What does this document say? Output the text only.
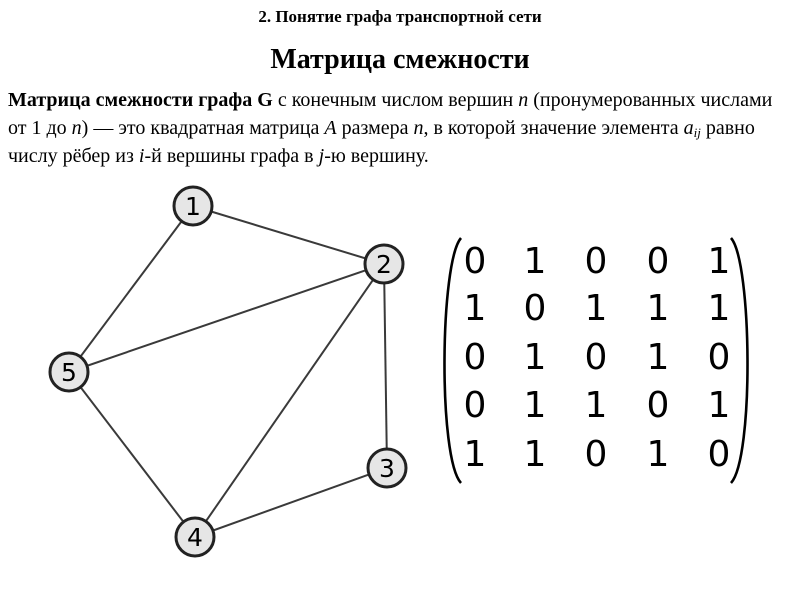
2. Понятие графа транспортной сети
Матрица смежности

Матрица смежности графа G с конечным числом вершин n (пронумерованных числами от 1 до n) — это квадратная матрица A размера n, в которой значение элемента $a_{ij}$ равно числу рёбер из i-й вершины графа в j-ю вершину.

1
2
3
4
5
0 1 0 0 1
1 0 1 1 1
0 1 0 1 0
0 1 1 0 1
1 1 0 1 0
